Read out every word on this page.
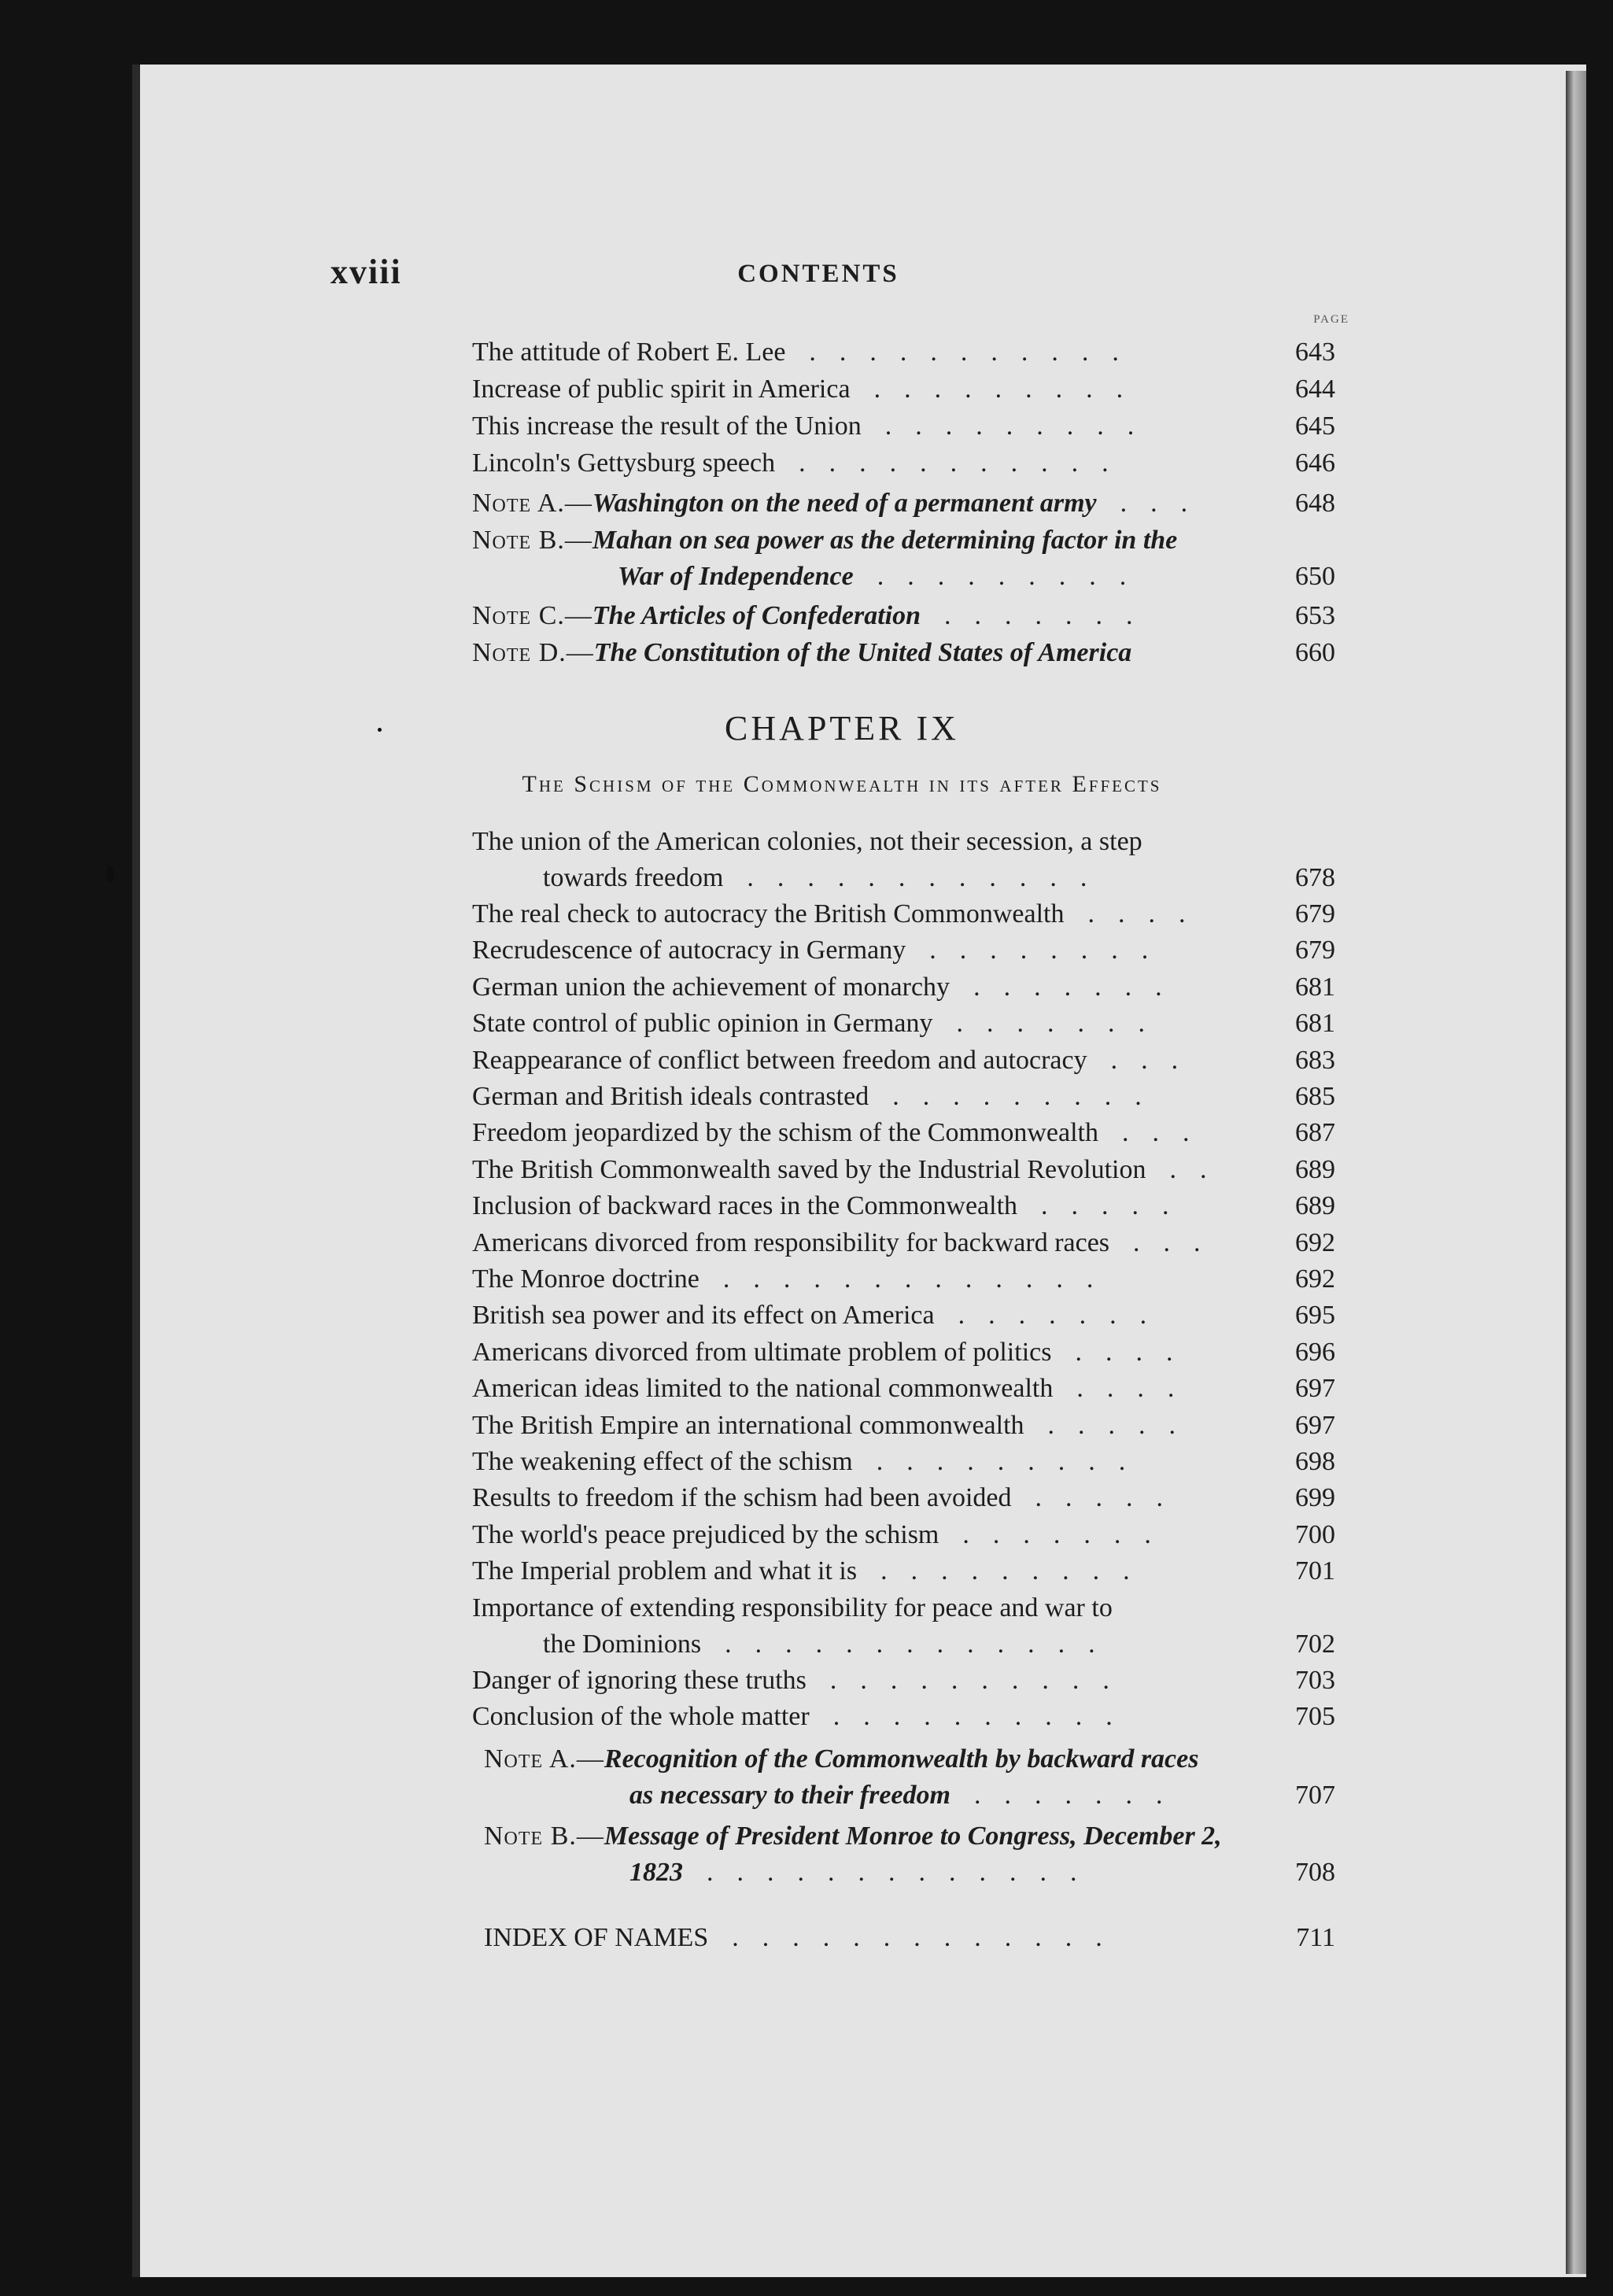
xviii	CONTENTS
PAGE
The attitude of Robert E. Lee	643
...........
Increase of public spirit in America	644
.........
This increase the result of the Union	645
.........
Lincoln's Gettysburg speech	646
...........
Note A.—Washington on the need of a permanent army	648
...
Note B.—Mahan on sea power as the determining factor in the
War of Independence	650
.........
Note C.—The Articles of Confederation	653
.......
Note D.—The Constitution of the United States of America	660
The union of the American colonies, not their secession, a step
towards freedom	678
............
The real check to autocracy the British Commonwealth	679
....
Recrudescence of autocracy in Germany	679
........
German union the achievement of monarchy	681
.......
State control of public opinion in Germany	681
.......
Reappearance of conflict between freedom and autocracy	683
...
German and British ideals contrasted	685
.........
Freedom jeopardized by the schism of the Commonwealth	687
...
The British Commonwealth saved by the Industrial Revolution	689
..
Inclusion of backward races in the Commonwealth	689
.....
Americans divorced from responsibility for backward races	692
...
The Monroe doctrine	692
.............
British sea power and its effect on America	695
.......
Americans divorced from ultimate problem of politics	696
....
American ideas limited to the national commonwealth	697
....
The British Empire an international commonwealth	697
.....
The weakening effect of the schism	698
.........
Results to freedom if the schism had been avoided	699
.....
The world's peace prejudiced by the schism	700
.......
The Imperial problem and what it is	701
.........
Importance of extending responsibility for peace and war to
the Dominions	702
.............
Danger of ignoring these truths	703
..........
Conclusion of the whole matter	705
..........
Note A.—Recognition of the Commonwealth by backward races
as necessary to their freedom	707
.......
Note B.—Message of President Monroe to Congress, December 2,
1823	708
.............
INDEX OF NAMES	711
.............
CHAPTER IX
The Schism of the Commonwealth in its after Effects
